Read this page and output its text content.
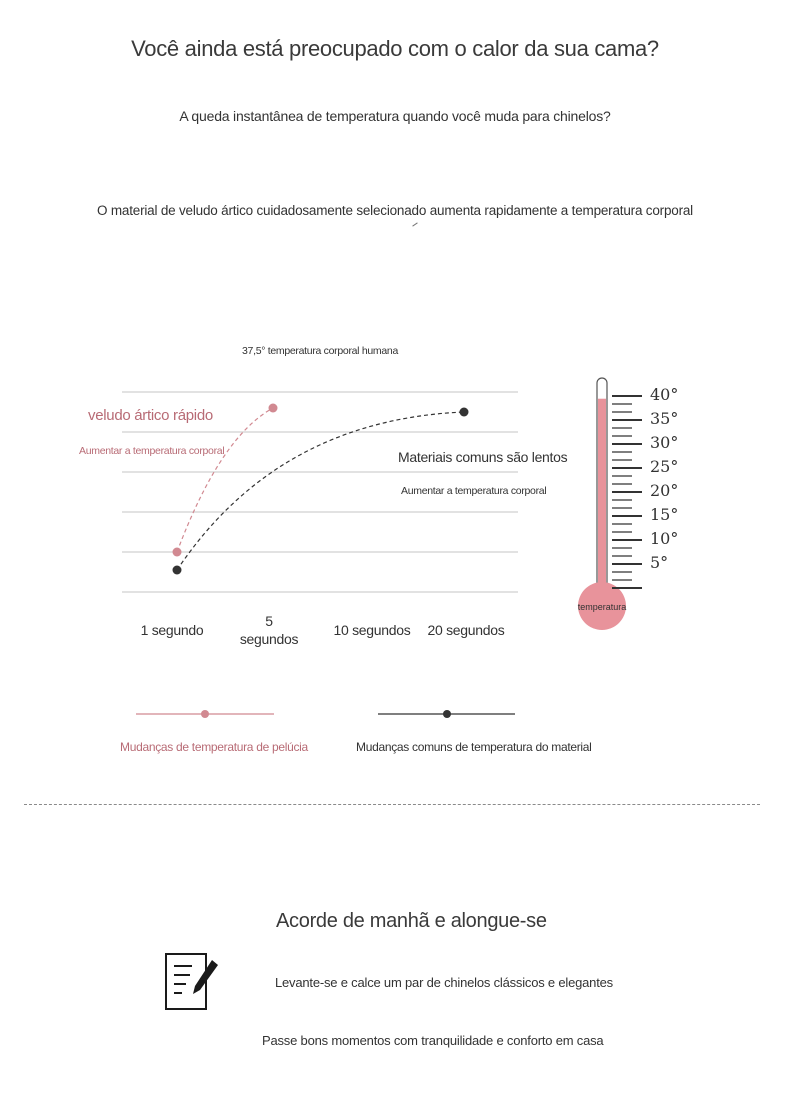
Você ainda está preocupado com o calor da sua cama?
A queda instantânea de temperatura quando você muda para chinelos?
O material de veludo ártico cuidadosamente selecionado aumenta rapidamente a temperatura corporal
37,5° temperatura corporal humana
veludo ártico rápido
Aumentar a temperatura corporal	Materiais comuns são lentos
Aumentar a temperatura corporal
1 segundo
5 segundos
10 segundos	20 segundos
Mudanças de temperatura de pelúcia	Mudanças comuns de temperatura do material
temperatura
40°
35°
30°
25°
20°
15°
10°
5°
Acorde de manhã e alongue-se
Levante-se e calce um par de chinelos clássicos e elegantes
Passe bons momentos com tranquilidade e conforto em casa
